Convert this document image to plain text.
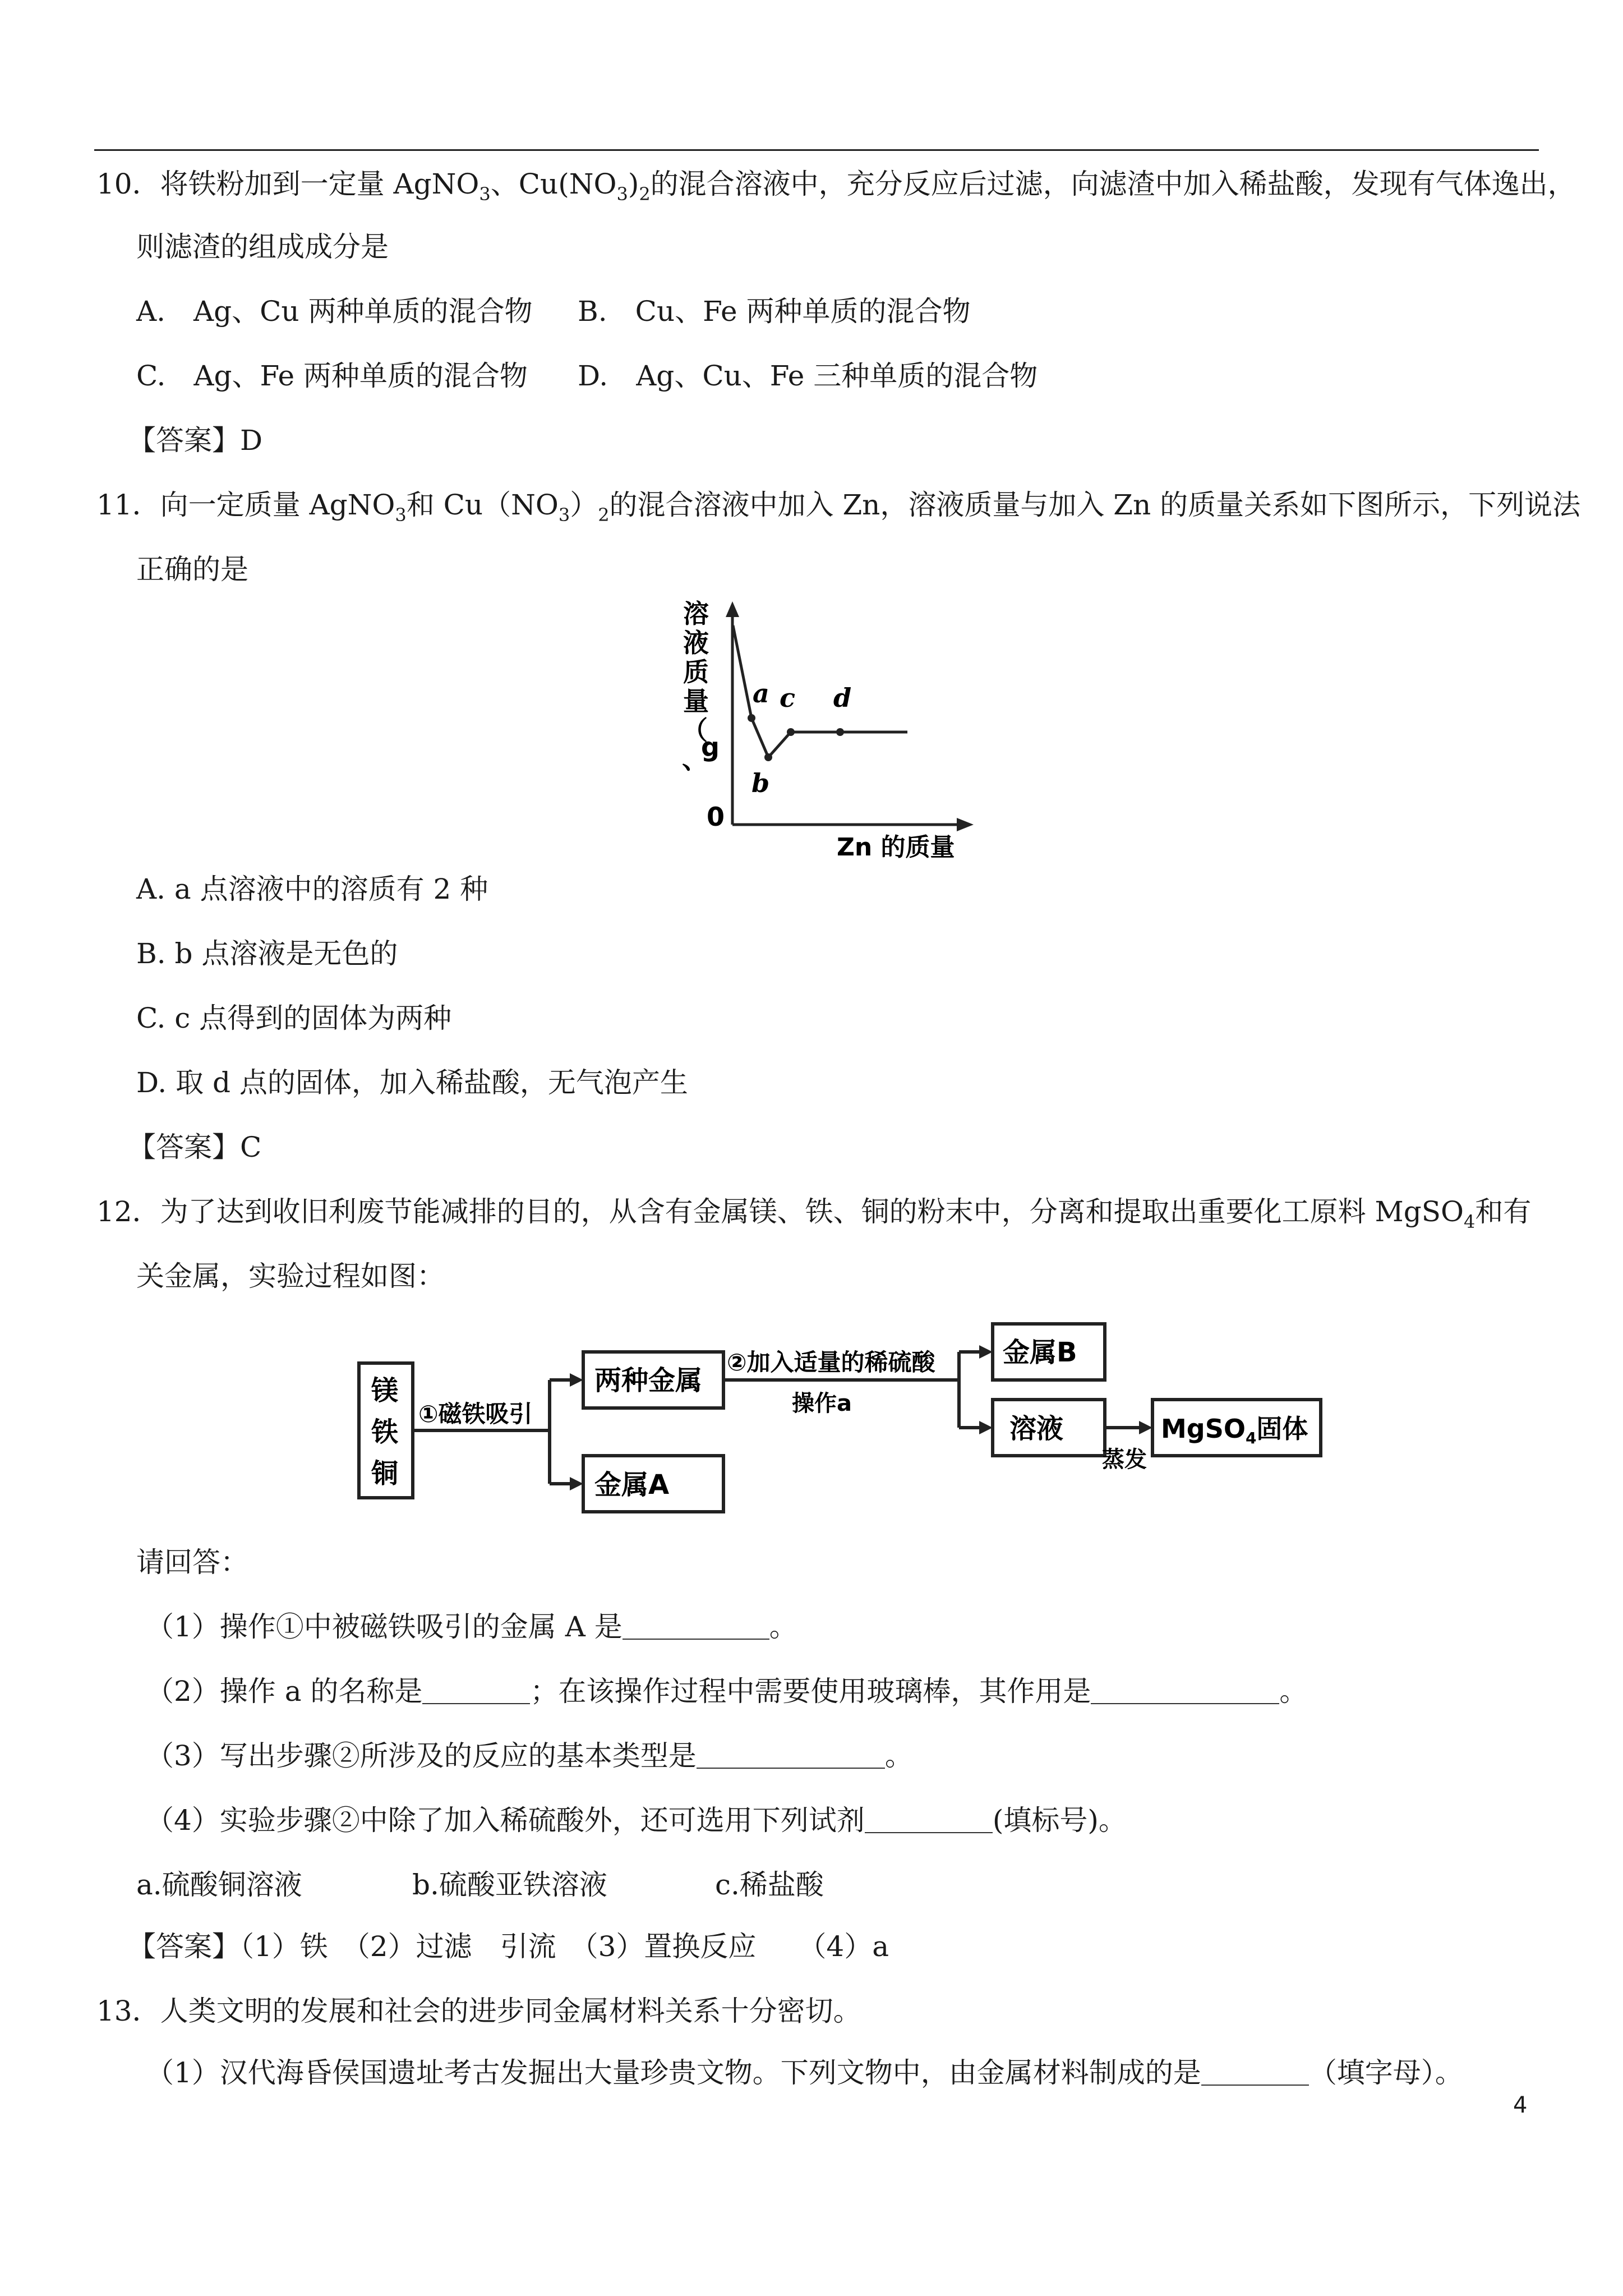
10．将铁粉加到一定量 AgNO$_3$、$Cu(NO_3)_2$的混合溶液中，充分反应后过滤，向滤渣中加入稀盐酸，发现有气体逸出，
则滤渣的组成成分是
A.　Ag、Cu 两种单质的混合物 B.　Cu、Fe 两种单质的混合物
C.　Ag、Fe 两种单质的混合物 D.　Ag、Cu、Fe 三种单质的混合物
【答案】D
11．向一定质量 AgNO$_3$和 $Cu(NO_3)_2$的混合溶液中加入 Zn，溶液质量与加入 Zn 的质量关系如下图所示，下列说法
正确的是
a
b
c d
0
Zn 的质量
溶
液
质
量
（
g
、
A. a 点溶液中的溶质有 2 种
B. b 点溶液是无色的
C. c 点得到的固体为两种
D. 取 d 点的固体，加入稀盐酸，无气泡产生
【答案】C
12．为了达到收旧利废节能减排的目的，从含有金属镁、铁、铜的粉末中，分离和提取出重要化工原料 MgSO$_4$和有
关金属，实验过程如图：
镁
铁
铜
①磁铁吸引
两种金属
金属A
②加入适量的稀硫酸
操作a
金属B
溶液
蒸发
MgSO$_4$固体
请回答：
（1）操作①中被磁铁吸引的金属 A 是	。
（2）操作 a 的名称是	；在该操作过程中需要使用玻璃棒，其作用是	。
（3）写出步骤②所涉及的反应的基本类型是	。
（4）实验步骤②中除了加入稀硫酸外，还可选用下列试剂	(填标号)。
a.硫酸铜溶液	b.硫酸亚铁溶液	c.稀盐酸
【答案】（1）铁　（2）过滤　引流　（3）置换反应　　（4）a
13．人类文明的发展和社会的进步同金属材料关系十分密切。
（1）汉代海昏侯国遗址考古发掘出大量珍贵文物。下列文物中，由金属材料制成的是	（填字母）。
4
